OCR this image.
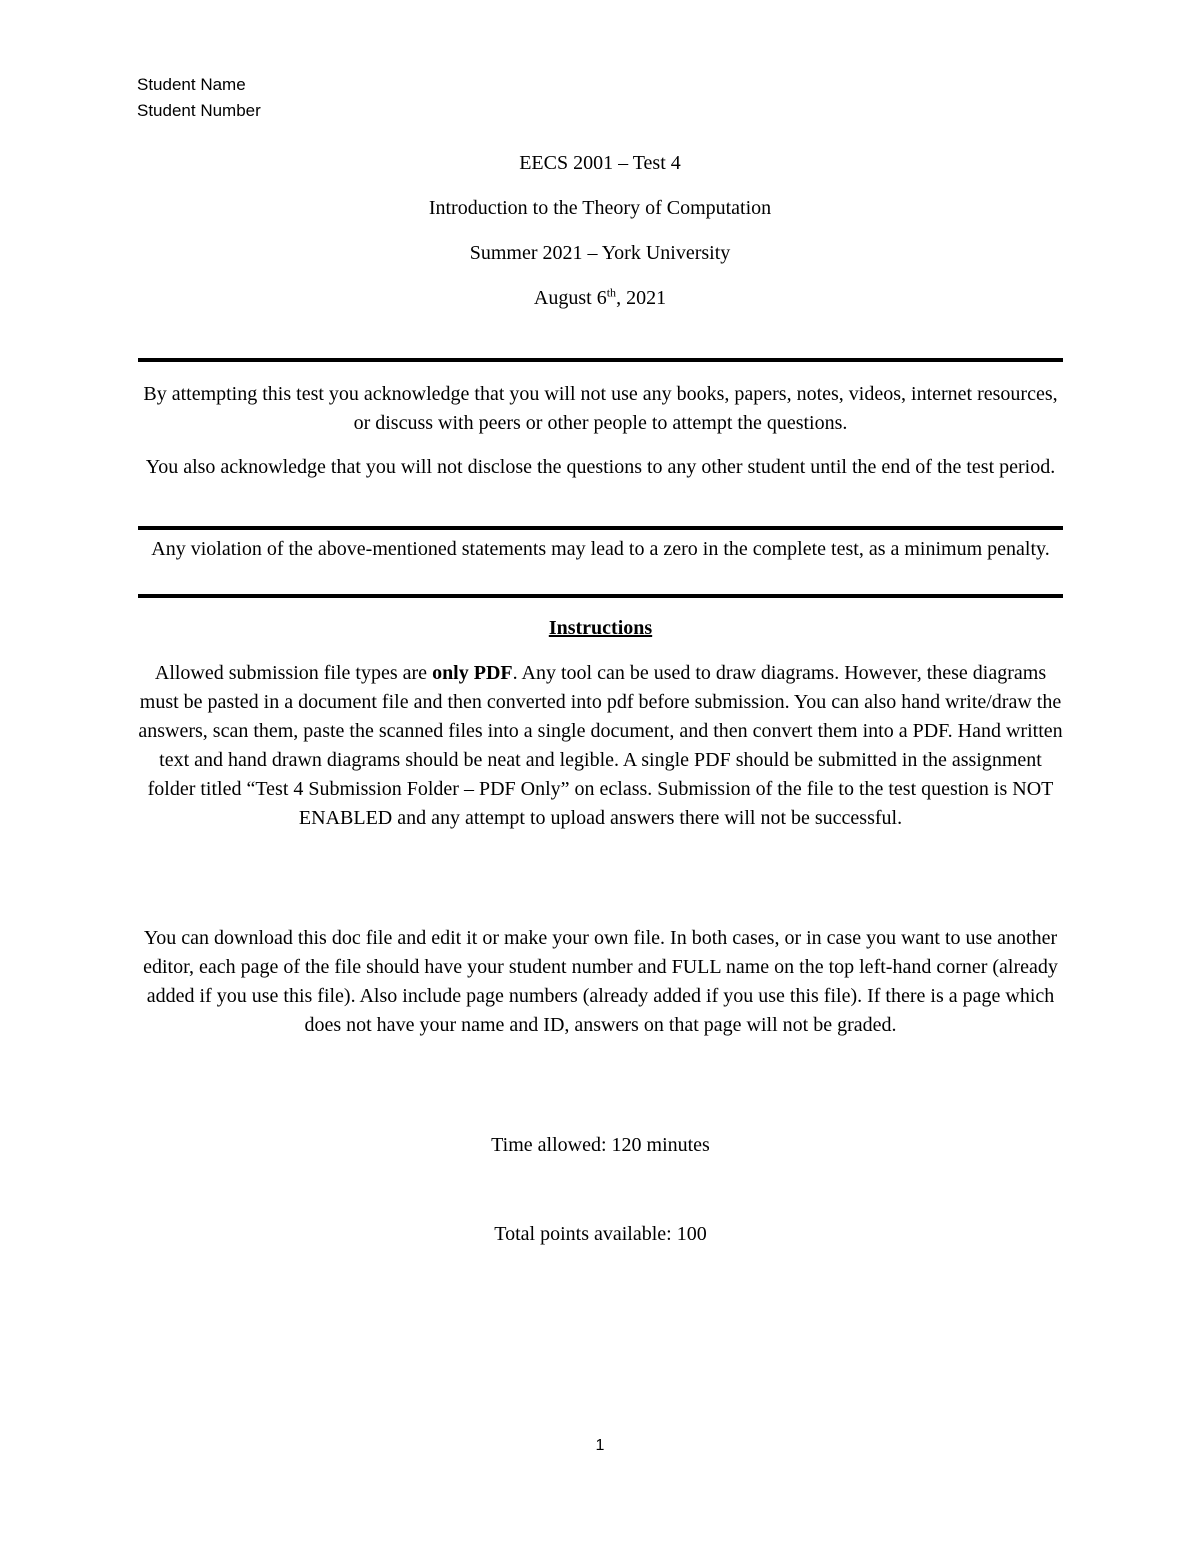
Student Name
Student Number
EECS 2001 – Test 4
Introduction to the Theory of Computation
Summer 2021 – York University
August 6th, 2021
By attempting this test you acknowledge that you will not use any books, papers, notes, videos, internet resources, or discuss with peers or other people to attempt the questions.
You also acknowledge that you will not disclose the questions to any other student until the end of the test period.
Any violation of the above-mentioned statements may lead to a zero in the complete test, as a minimum penalty.
Instructions
Allowed submission file types are only PDF. Any tool can be used to draw diagrams. However, these diagrams must be pasted in a document file and then converted into pdf before submission. You can also hand write/draw the answers, scan them, paste the scanned files into a single document, and then convert them into a PDF. Hand written text and hand drawn diagrams should be neat and legible. A single PDF should be submitted in the assignment folder titled “Test 4 Submission Folder – PDF Only” on eclass. Submission of the file to the test question is NOT ENABLED and any attempt to upload answers there will not be successful.
You can download this doc file and edit it or make your own file. In both cases, or in case you want to use another editor, each page of the file should have your student number and FULL name on the top left-hand corner (already added if you use this file). Also include page numbers (already added if you use this file). If there is a page which does not have your name and ID, answers on that page will not be graded.
Time allowed: 120 minutes
Total points available: 100
1
